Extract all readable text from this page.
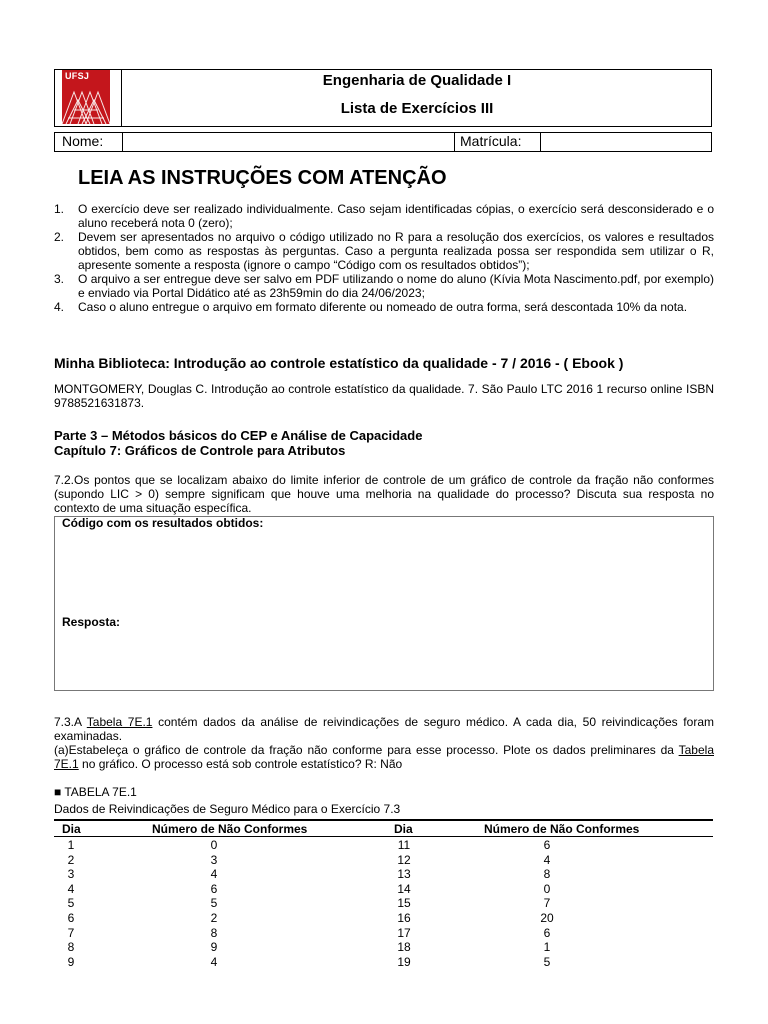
UFSJ	Engenharia de Qualidade I
Lista de Exercícios III
Nome:	Matrícula:
LEIA AS INSTRUÇÕES COM ATENÇÃO
1. O exercício deve ser realizado individualmente. Caso sejam identificadas cópias, o exercício será desconsiderado e o aluno receberá nota 0 (zero);
2. Devem ser apresentados no arquivo o código utilizado no R para a resolução dos exercícios, os valores e resultados obtidos, bem como as respostas às perguntas. Caso a pergunta realizada possa ser respondida sem utilizar o R, apresente somente a resposta (ignore o campo “Código com os resultados obtidos”);
3. O arquivo a ser entregue deve ser salvo em PDF utilizando o nome do aluno (Kívia Mota Nascimento.pdf, por exemplo) e enviado via Portal Didático até as 23h59min do dia 24/06/2023;
4. Caso o aluno entregue o arquivo em formato diferente ou nomeado de outra forma, será descontada 10% da nota.
Minha Biblioteca: Introdução ao controle estatístico da qualidade - 7 / 2016 - ( Ebook )
MONTGOMERY, Douglas C. Introdução ao controle estatístico da qualidade. 7. São Paulo LTC 2016 1 recurso online ISBN 9788521631873.
Parte 3 – Métodos básicos do CEP e Análise de Capacidade
Capítulo 7: Gráficos de Controle para Atributos
7.2.Os pontos que se localizam abaixo do limite inferior de controle de um gráfico de controle da fração não conformes (supondo LIC > 0) sempre significam que houve uma melhoria na qualidade do processo? Discuta sua resposta no contexto de uma situação específica.
Código com os resultados obtidos:
Resposta:
7.3.A Tabela 7E.1 contém dados da análise de reivindicações de seguro médico. A cada dia, 50 reivindicações foram examinadas.
(a)Estabeleça o gráfico de controle da fração não conforme para esse processo. Plote os dados preliminares da Tabela 7E.1 no gráfico. O processo está sob controle estatístico? R: Não
■ TABELA 7E.1
Dados de Reivindicações de Seguro Médico para o Exercício 7.3
Dia	Número de Não Conformes	Dia	Número de Não Conformes
1	0	11	6
2	3	12	4
3	4	13	8
4	6	14	0
5	5	15	7
6	2	16	20
7	8	17	6
8	9	18	1
9	4	19	5
